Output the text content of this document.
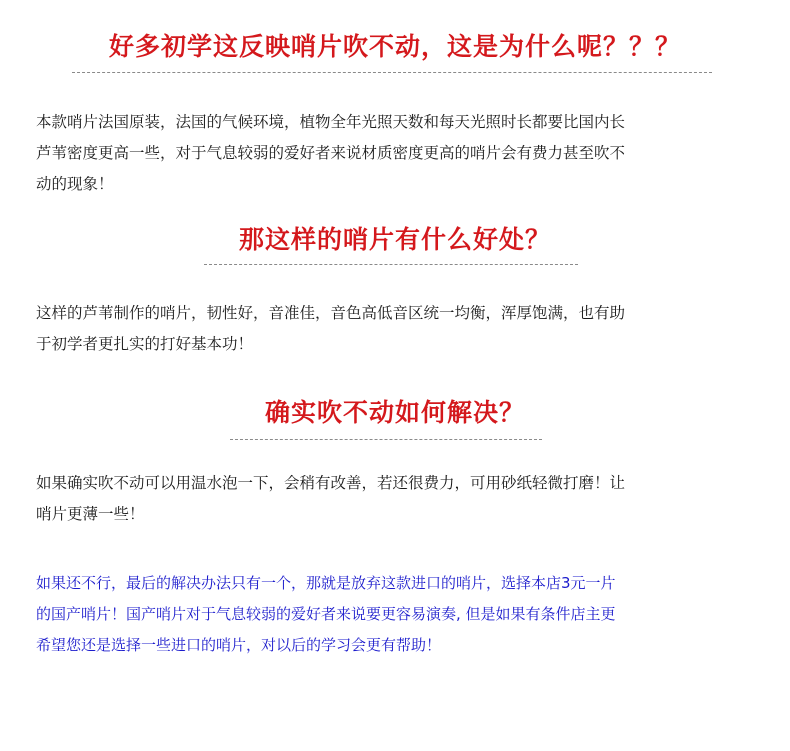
好多初学这反映哨片吹不动，这是为什么呢？？？

本款哨片法国原装，法国的气候环境，植物全年光照天数和每天光照时长都要比国内长
芦苇密度更高一些，对于气息较弱的爱好者来说材质密度更高的哨片会有费力甚至吹不
动的现象！

那这样的哨片有什么好处？

这样的芦苇制作的哨片，韧性好，音准佳，音色高低音区统一均衡，浑厚饱满，也有助
于初学者更扎实的打好基本功！

确实吹不动如何解决？

如果确实吹不动可以用温水泡一下，会稍有改善，若还很费力，可用砂纸轻微打磨！让
哨片更薄一些！

如果还不行，最后的解决办法只有一个，那就是放弃这款进口的哨片，选择本店3元一片
的国产哨片！国产哨片对于气息较弱的爱好者来说要更容易演奏, 但是如果有条件店主更
希望您还是选择一些进口的哨片，对以后的学习会更有帮助！
